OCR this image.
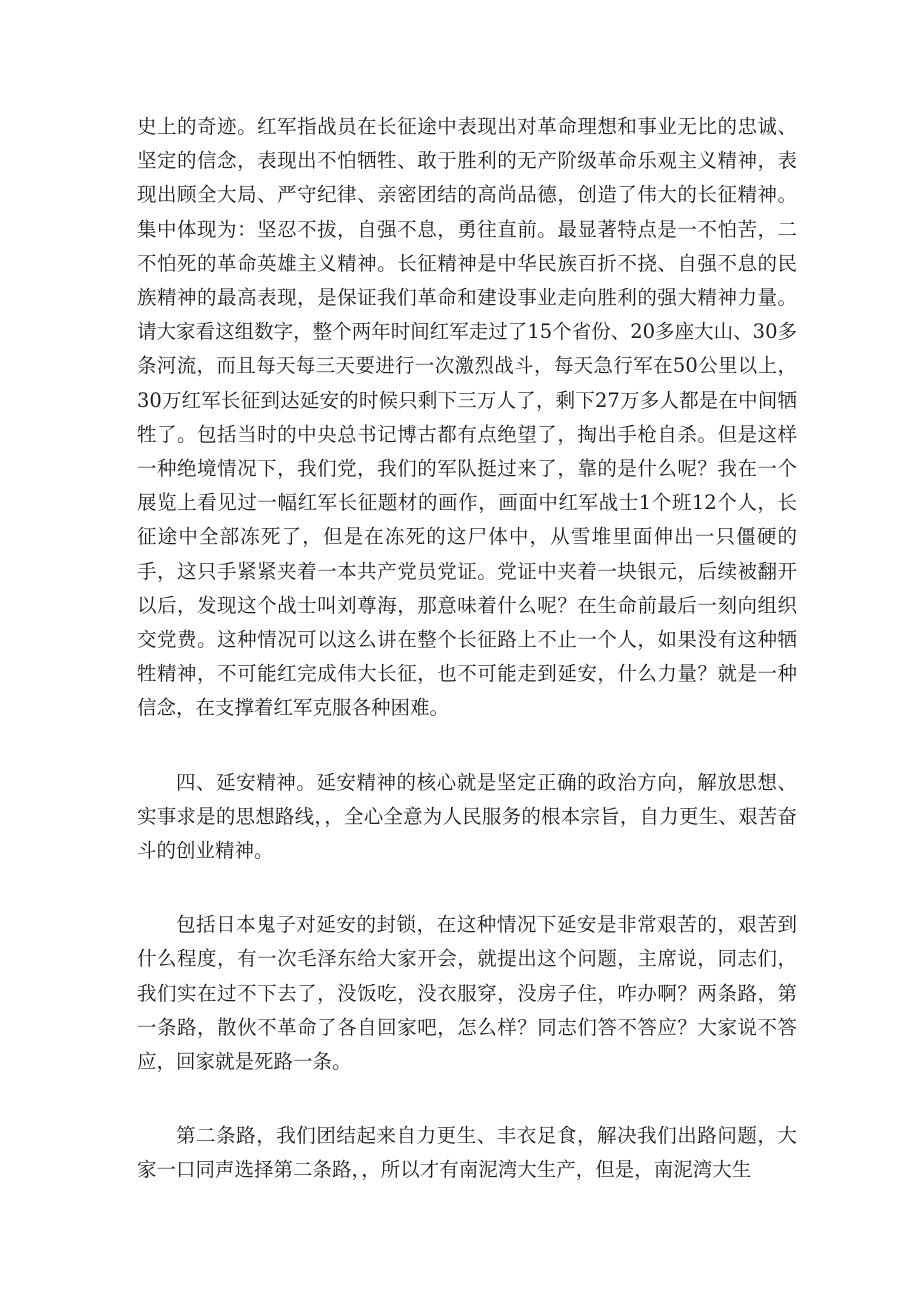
史上的奇迹。红军指战员在长征途中表现出对革命理想和事业无比的忠诚、坚定的信念，表现出不怕牺牲、敢于胜利的无产阶级革命乐观主义精神，表现出顾全大局、严守纪律、亲密团结的高尚品德，创造了伟大的长征精神。集中体现为：坚忍不拔，自强不息，勇往直前。最显著特点是一不怕苦，二不怕死的革命英雄主义精神。长征精神是中华民族百折不挠、自强不息的民族精神的最高表现，是保证我们革命和建设事业走向胜利的强大精神力量。请大家看这组数字，整个两年时间红军走过了15个省份、20多座大山、30多条河流，而且每天每三天要进行一次激烈战斗，每天急行军在50公里以上，30万红军长征到达延安的时候只剩下三万人了，剩下27万多人都是在中间牺牲了。包括当时的中央总书记博古都有点绝望了，掏出手枪自杀。但是这样一种绝境情况下，我们党，我们的军队挺过来了，靠的是什么呢？我在一个展览上看见过一幅红军长征题材的画作，画面中红军战士1个班12个人，长征途中全部冻死了，但是在冻死的这尸体中，从雪堆里面伸出一只僵硬的手，这只手紧紧夹着一本共产党员党证。党证中夹着一块银元，后续被翻开以后，发现这个战士叫刘尊海，那意味着什么呢？在生命前最后一刻向组织交党费。这种情况可以这么讲在整个长征路上不止一个人，如果没有这种牺牲精神，不可能红完成伟大长征，也不可能走到延安，什么力量？就是一种信念，在支撑着红军克服各种困难。

四、延安精神。延安精神的核心就是坚定正确的政治方向，解放思想、实事求是的思想路线，，全心全意为人民服务的根本宗旨，自力更生、艰苦奋斗的创业精神。

包括日本鬼子对延安的封锁，在这种情况下延安是非常艰苦的，艰苦到什么程度，有一次毛泽东给大家开会，就提出这个问题，主席说，同志们，我们实在过不下去了，没饭吃，没衣服穿，没房子住，咋办啊？两条路，第一条路，散伙不革命了各自回家吧，怎么样？同志们答不答应？大家说不答应，回家就是死路一条。

第二条路，我们团结起来自力更生、丰衣足食，解决我们出路问题，大家一口同声选择第二条路，，所以才有南泥湾大生产，但是，南泥湾大生
